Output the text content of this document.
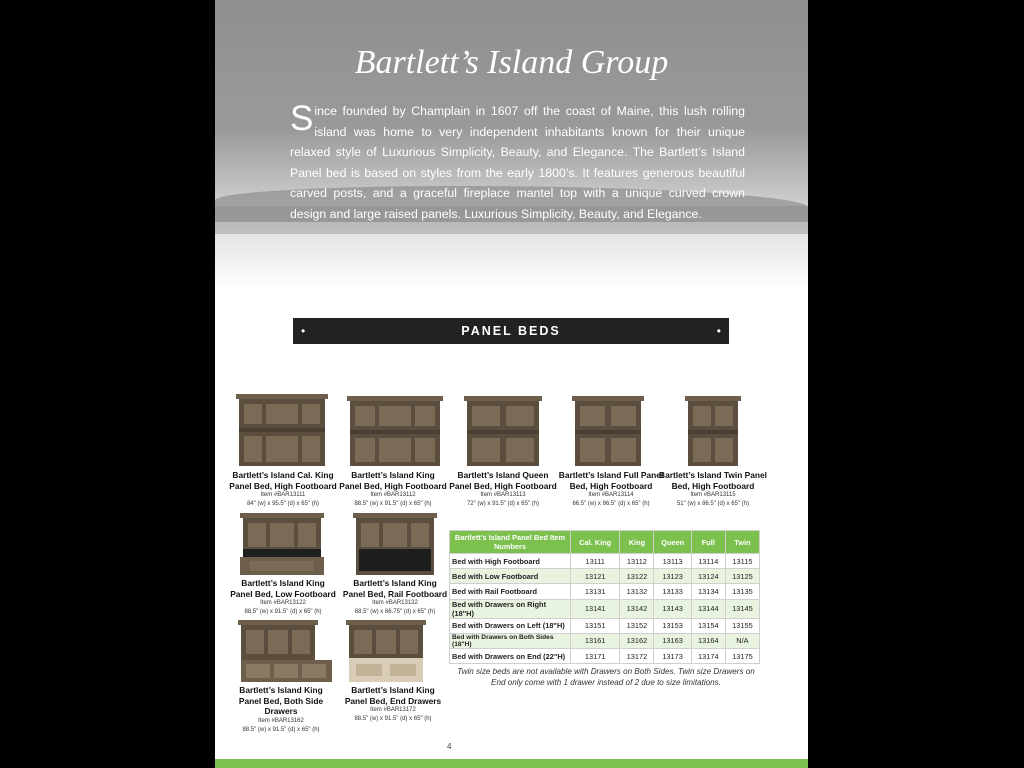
Bartlett’s Island Group
Since founded by Champlain in 1607 off the coast of Maine, this lush rolling island was home to very independent inhabitants known for their unique relaxed style of Luxurious Simplicity, Beauty, and Elegance. The Bartlett’s Island Panel bed is based on styles from the early 1800’s. It features generous beautiful carved posts, and a graceful fireplace mantel top with a unique curved crown design and large raised panels. Luxurious Simplicity, Beauty, and Elegance.
•	PANEL BEDS	•
Bartlett’s Island Cal. King Panel Bed, High Footboard
Item #BAR13111
84" (w) x 95.5" (d) x 65" (h)
Bartlett’s Island King Panel Bed, High Footboard
Item #BAR13112
88.5" (w) x 91.5" (d) x 65" (h)
Bartlett’s Island Queen Panel Bed, High Footboard
Item #BAR13113
72" (w) x 91.5" (d) x 65" (h)
Bartlett’s Island Full Panel Bed, High Footboard
Item #BAR13114
66.5" (w) x 86.5" (d) x 65" (h)
Bartlett’s Island Twin Panel Bed, High Footboard
Item #BAR13115
51" (w) x 86.5" (d) x 65" (h)
Bartlett’s Island King Panel Bed, Low Footboard
Item #BAR13122
88.5" (w) x 91.5" (d) x 65" (h)
Bartlett’s Island King Panel Bed, Rail Footboard
Item #BAR13132
88.5" (w) x 86.75" (d) x 65" (h)
Bartlett’s Island King Panel Bed, Both Side Drawers
Item #BAR13162
88.5" (w) x 91.5" (d) x 65" (h)
Bartlett’s Island King Panel Bed, End Drawers
Item #BAR13172
88.5" (w) x 91.5" (d) x 65" (h)
Bartlett’s Island Panel Bed Item Numbers	Cal. King	King	Queen	Full	Twin
Bed with High Footboard	13111	13112	13113	13114	13115
Bed with Low Footboard	13121	13122	13123	13124	13125
Bed with Rail Footboard	13131	13132	13133	13134	13135
Bed with Drawers on Right (18"H)	13141	13142	13143	13144	13145
Bed with Drawers on Left (18"H)	13151	13152	13153	13154	13155
Bed with Drawers on Both Sides (18"H)	13161	13162	13163	13164	N/A
Bed with Drawers on End (22"H)	13171	13172	13173	13174	13175
Twin size beds are not available with Drawers on Both Sides. Twin size Drawers on End only come with 1 drawer instead of 2 due to size limitations.
4
